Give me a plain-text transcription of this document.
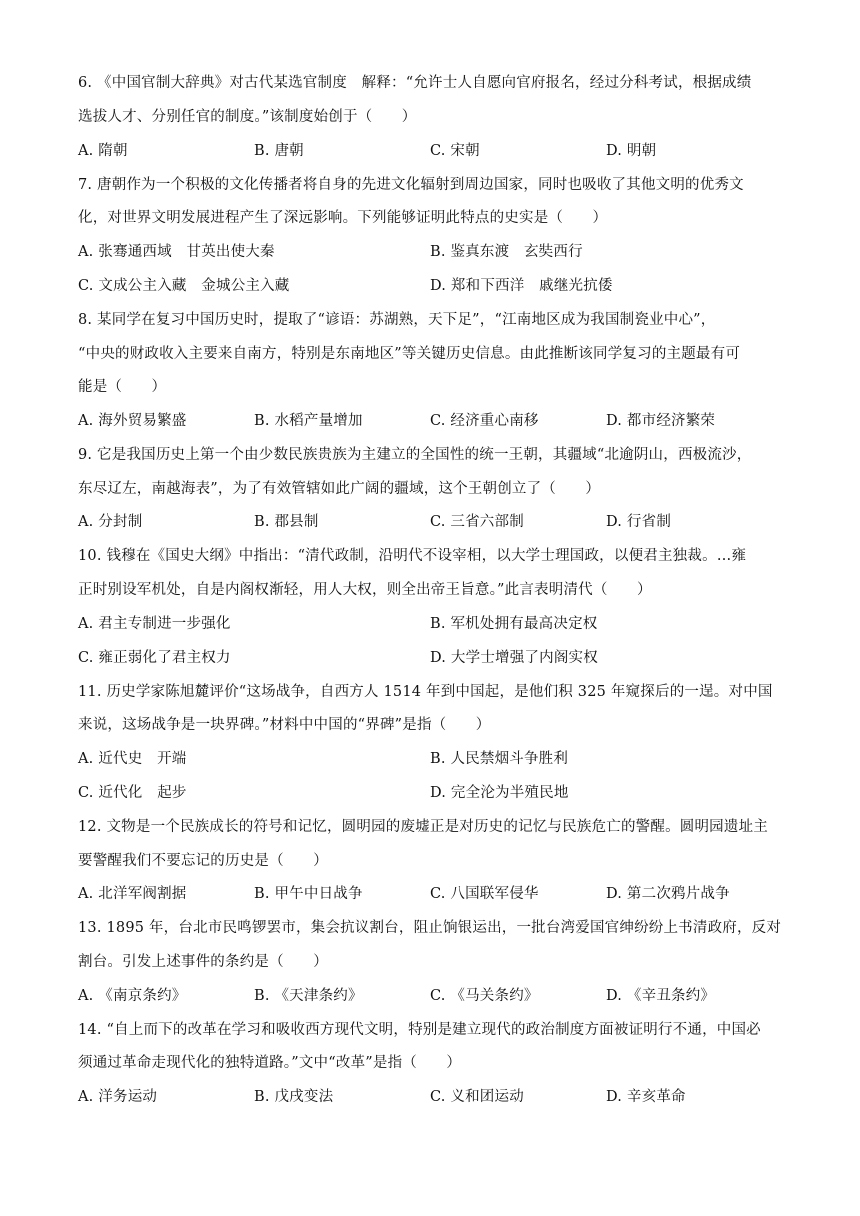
6. 《中国官制大辞典》对古代某选官制度　解释：“允许士人自愿向官府报名，经过分科考试，根据成绩
选拔人才、分别任官的制度。”该制度始创于（　　）
A. 隋朝	B. 唐朝	C. 宋朝	D. 明朝
7. 唐朝作为一个积极的文化传播者将自身的先进文化辐射到周边国家，同时也吸收了其他文明的优秀文
化，对世界文明发展进程产生了深远影响。下列能够证明此特点的史实是（　　）
A. 张骞通西域　甘英出使大秦	B. 鉴真东渡　玄奘西行
C. 文成公主入藏　金城公主入藏	D. 郑和下西洋　戚继光抗倭
8. 某同学在复习中国历史时，提取了“谚语：苏湖熟，天下足”，“江南地区成为我国制瓷业中心”，
“中央的财政收入主要来自南方，特别是东南地区”等关键历史信息。由此推断该同学复习的主题最有可
能是（　　）
A. 海外贸易繁盛	B. 水稻产量增加	C. 经济重心南移	D. 都市经济繁荣
9. 它是我国历史上第一个由少数民族贵族为主建立的全国性的统一王朝，其疆域“北逾阴山，西极流沙，
东尽辽左，南越海表”，为了有效管辖如此广阔的疆域，这个王朝创立了（　　）
A. 分封制	B. 郡县制	C. 三省六部制	D. 行省制
10. 钱穆在《国史大纲》中指出：“清代政制，沿明代不设宰相，以大学士理国政，以便君主独裁。…雍
正时别设军机处，自是内阁权渐轻，用人大权，则全出帝王旨意。”此言表明清代（　　）
A. 君主专制进一步强化	B. 军机处拥有最高决定权
C. 雍正弱化了君主权力	D. 大学士增强了内阁实权
11. 历史学家陈旭麓评价“这场战争，自西方人 1514 年到中国起，是他们积 325 年窥探后的一逞。对中国
来说，这场战争是一块界碑。”材料中中国的“界碑”是指（　　）
A. 近代史　开端	B. 人民禁烟斗争胜利
C. 近代化　起步	D. 完全沦为半殖民地
12. 文物是一个民族成长的符号和记忆，圆明园的废墟正是对历史的记忆与民族危亡的警醒。圆明园遗址主
要警醒我们不要忘记的历史是（　　）
A. 北洋军阀割据	B. 甲午中日战争	C. 八国联军侵华	D. 第二次鸦片战争
13. 1895 年，台北市民鸣锣罢市，集会抗议割台，阻止饷银运出，一批台湾爱国官绅纷纷上书清政府，反对
割台。引发上述事件的条约是（　　）
A. 《南京条约》	B. 《天津条约》	C. 《马关条约》	D. 《辛丑条约》
14. “自上而下的改革在学习和吸收西方现代文明，特别是建立现代的政治制度方面被证明行不通，中国必
须通过革命走现代化的独特道路。”文中“改革”是指（　　）
A. 洋务运动	B. 戊戌变法	C. 义和团运动	D. 辛亥革命
